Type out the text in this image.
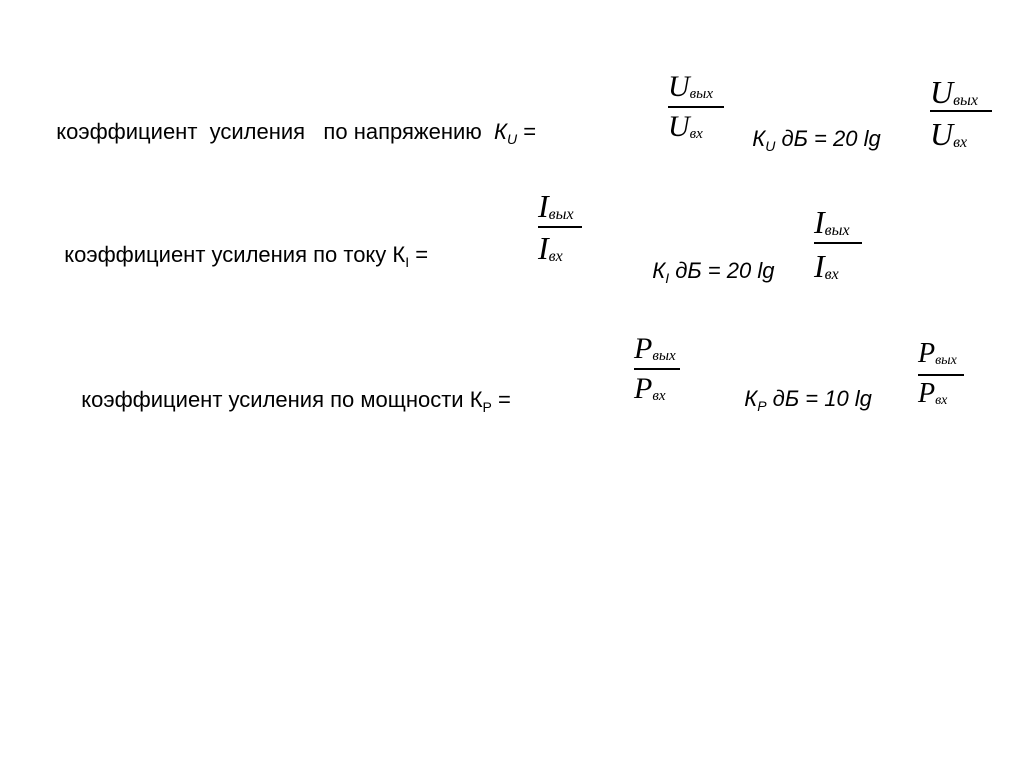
коэффициент  усиления   по напряжению  $К_U$ =

Uвых
Uвх	$К_U$ дБ = 20 lg

Uвых
Uвх

коэффициент усиления по току $К_I$ =

Iвых
Iвх

$К_I$ дБ = 20 lg

Iвых
Iвх

коэффициент усиления по мощности $К_P$ =

Pвых
Pвх	$К_P$ дБ = 10 lg

Pвых
Pвх
